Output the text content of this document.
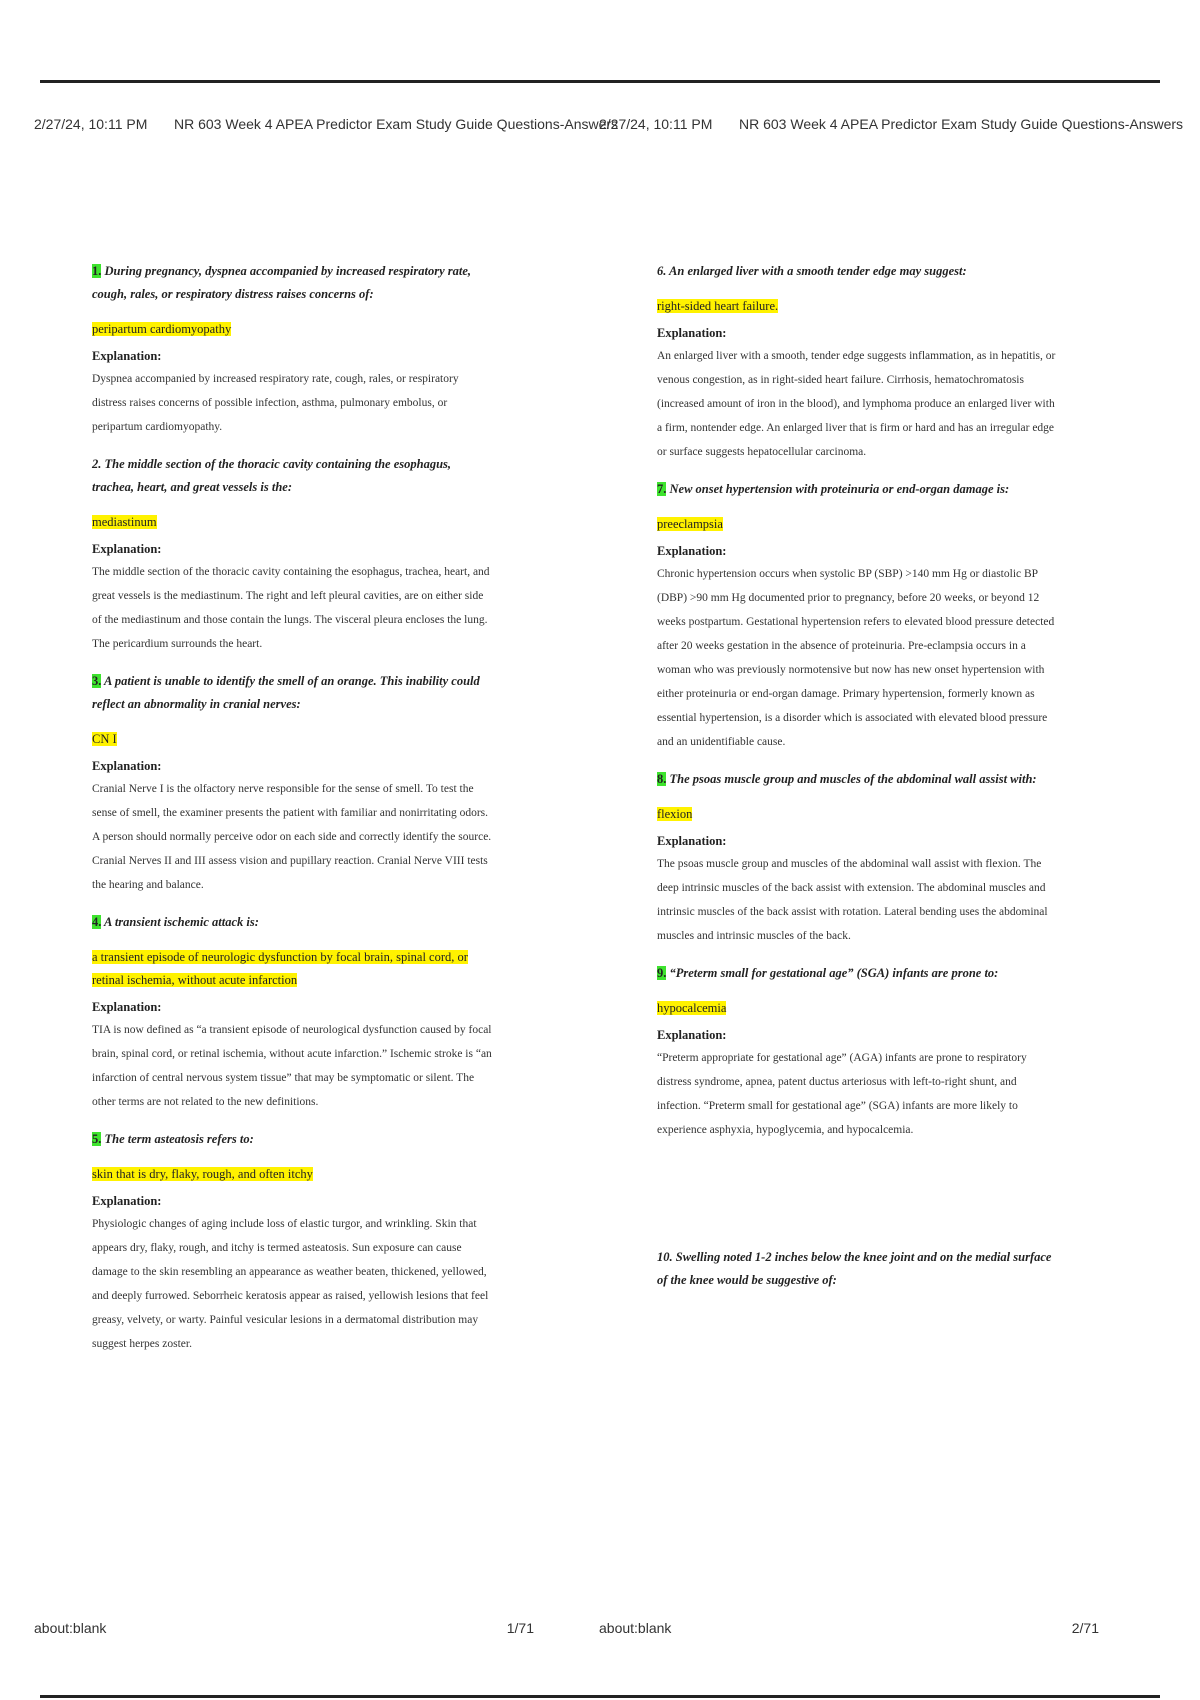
2/27/24, 10:11 PM NR 603 Week 4 APEA Predictor Exam Study Guide Questions-Answers

1. During pregnancy, dyspnea accompanied by increased respiratory rate, cough, rales, or respiratory distress raises concerns of:

peripartum cardiomyopathy

Explanation:

Dyspnea accompanied by increased respiratory rate, cough, rales, or respiratory distress raises concerns of possible infection, asthma, pulmonary embolus, or peripartum cardiomyopathy.

2. The middle section of the thoracic cavity containing the esophagus, trachea, heart, and great vessels is the:

mediastinum

Explanation:

The middle section of the thoracic cavity containing the esophagus, trachea, heart, and great vessels is the mediastinum. The right and left pleural cavities, are on either side of the mediastinum and those contain the lungs. The visceral pleura encloses the lung. The pericardium surrounds the heart.

3. A patient is unable to identify the smell of an orange. This inability could reflect an abnormality in cranial nerves:

CN I

Explanation:

Cranial Nerve I is the olfactory nerve responsible for the sense of smell. To test the sense of smell, the examiner presents the patient with familiar and nonirritating odors. A person should normally perceive odor on each side and correctly identify the source. Cranial Nerves II and III assess vision and pupillary reaction. Cranial Nerve VIII tests the hearing and balance.

4. A transient ischemic attack is:

a transient episode of neurologic dysfunction by focal brain, spinal cord, or retinal ischemia, without acute infarction

Explanation:

TIA is now defined as “a transient episode of neurological dysfunction caused by focal brain, spinal cord, or retinal ischemia, without acute infarction.” Ischemic stroke is “an infarction of central nervous system tissue” that may be symptomatic or silent. The other terms are not related to the new definitions.

5. The term asteatosis refers to:

skin that is dry, flaky, rough, and often itchy

Explanation:

Physiologic changes of aging include loss of elastic turgor, and wrinkling. Skin that appears dry, flaky, rough, and itchy is termed asteatosis. Sun exposure can cause damage to the skin resembling an appearance as weather beaten, thickened, yellowed, and deeply furrowed. Seborrheic keratosis appear as raised, yellowish lesions that feel greasy, velvety, or warty. Painful vesicular lesions in a dermatomal distribution may suggest herpes zoster.

about:blank	1/71
2/27/24, 10:11 PM NR 603 Week 4 APEA Predictor Exam Study Guide Questions-Answers

6. An enlarged liver with a smooth tender edge may suggest:

right-sided heart failure.

Explanation:

An enlarged liver with a smooth, tender edge suggests inflammation, as in hepatitis, or venous congestion, as in right-sided heart failure. Cirrhosis, hematochromatosis (increased amount of iron in the blood), and lymphoma produce an enlarged liver with a firm, nontender edge. An enlarged liver that is firm or hard and has an irregular edge or surface suggests hepatocellular carcinoma.

7. New onset hypertension with proteinuria or end-organ damage is:

preeclampsia

Explanation:

Chronic hypertension occurs when systolic BP (SBP) >140 mm Hg or diastolic BP (DBP) >90 mm Hg documented prior to pregnancy, before 20 weeks, or beyond 12 weeks postpartum. Gestational hypertension refers to elevated blood pressure detected after 20 weeks gestation in the absence of proteinuria. Pre-eclampsia occurs in a woman who was previously normotensive but now has new onset hypertension with either proteinuria or end-organ damage. Primary hypertension, formerly known as essential hypertension, is a disorder which is associated with elevated blood pressure and an unidentifiable cause.

8. The psoas muscle group and muscles of the abdominal wall assist with:

flexion

Explanation:

The psoas muscle group and muscles of the abdominal wall assist with flexion. The deep intrinsic muscles of the back assist with extension. The abdominal muscles and intrinsic muscles of the back assist with rotation. Lateral bending uses the abdominal muscles and intrinsic muscles of the back.

9. “Preterm small for gestational age” (SGA) infants are prone to:

hypocalcemia

Explanation:

“Preterm appropriate for gestational age” (AGA) infants are prone to respiratory distress syndrome, apnea, patent ductus arteriosus with left-to-right shunt, and infection. “Preterm small for gestational age” (SGA) infants are more likely to experience asphyxia, hypoglycemia, and hypocalcemia.

10. Swelling noted 1-2 inches below the knee joint and on the medial surface of the knee would be suggestive of:

about:blank	2/71
